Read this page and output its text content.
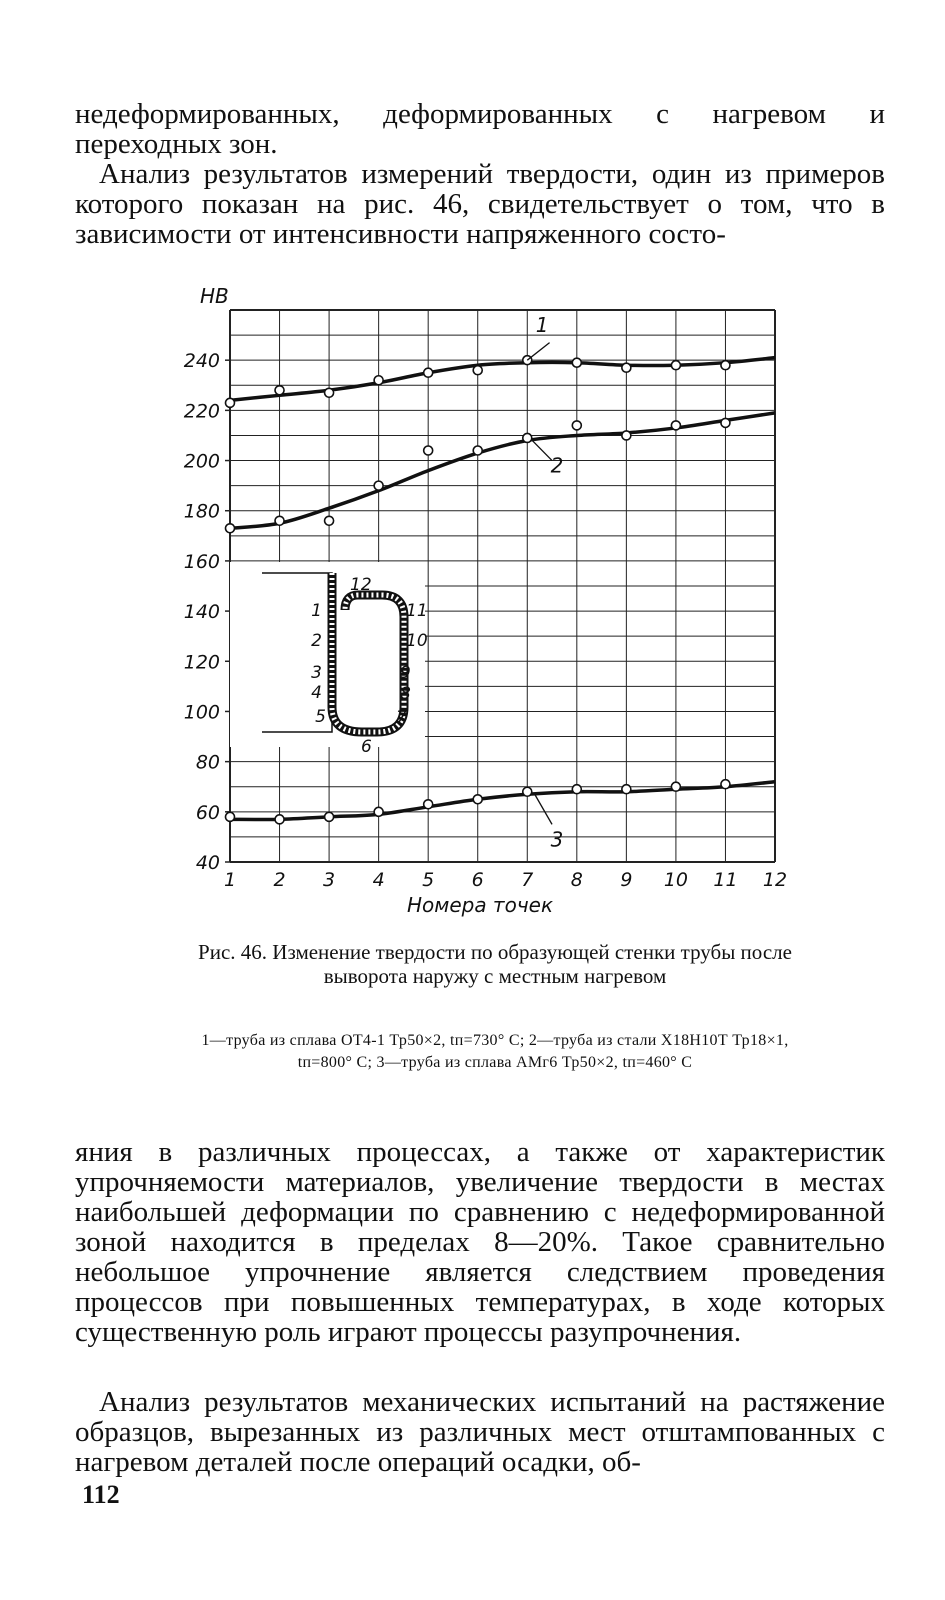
недеформированных, деформированных с нагревом и переходных зон.

Анализ результатов измерений твердости, один из примеров которого показан на рис. 46, свидетельствует о том, что в зависимости от интенсивности напряженного состо-

1
2
3
4
5
6
7
8
9
10
11
12
1
2
3
40
60
80
100
120
140
160
180
200
220
240
1 2 3 4 5 6 7 8 9 10 11 12
НВ
Номера точек

Рис. 46. Изменение твердости по образующей стенки трубы после выворота наружу с местным нагревом

1—труба из сплава ОТ4-1 Тр50×2, tп=730° С; 2—труба из стали Х18Н10Т Тр18×1, tп=800° С; 3—труба из сплава АМг6 Тр50×2, tп=460° С

яния в различных процессах, а также от характеристик упрочняемости материалов, увеличение твердости в местах наибольшей деформации по сравнению с недеформированной зоной находится в пределах 8—20%. Такое сравнительно небольшое упрочнение является следствием проведения процессов при повышенных температурах, в ходе которых существенную роль играют процессы разупрочнения.

Анализ результатов механических испытаний на растяжение образцов, вырезанных из различных мест отштампованных с нагревом деталей после операций осадки, об-

112
